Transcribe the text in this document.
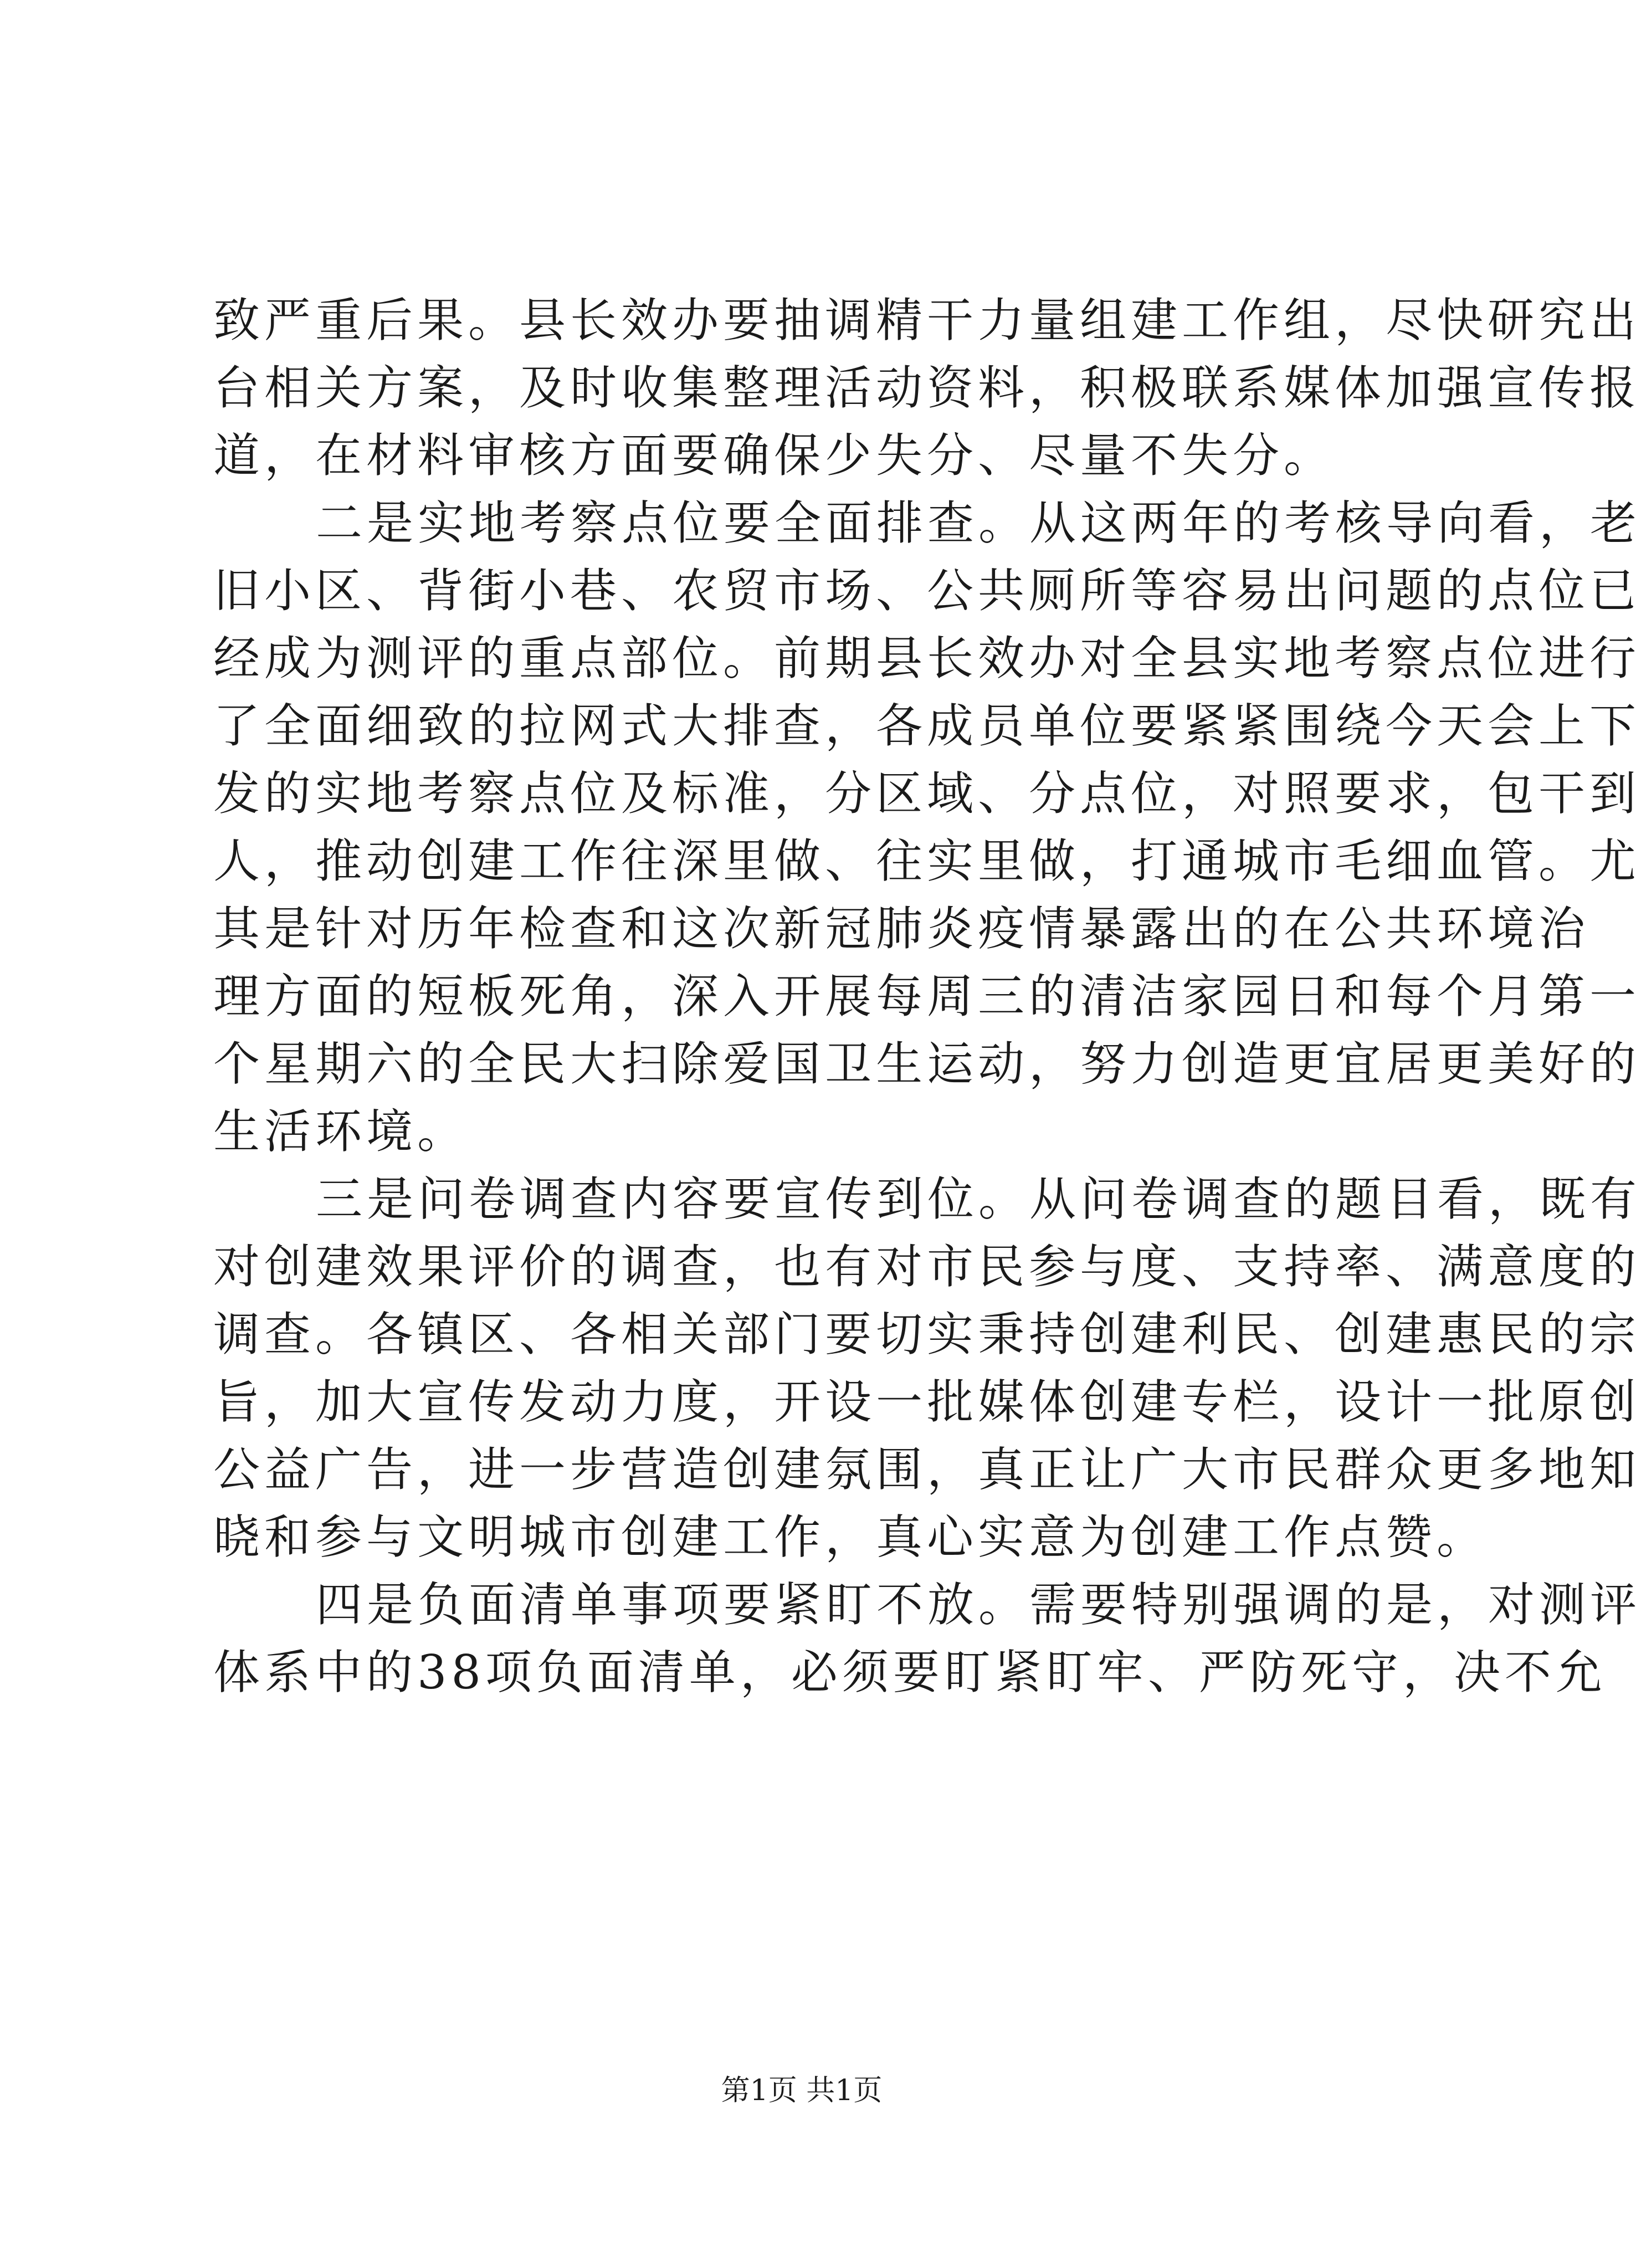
致严重后果。县长效办要抽调精干力量组建工作组，尽快研究出
台相关方案，及时收集整理活动资料，积极联系媒体加强宣传报
道，在材料审核方面要确保少失分、尽量不失分。
二是实地考察点位要全面排查。从这两年的考核导向看，老
旧小区、背街小巷、农贸市场、公共厕所等容易出问题的点位已
经成为测评的重点部位。前期县长效办对全县实地考察点位进行
了全面细致的拉网式大排查，各成员单位要紧紧围绕今天会上下
发的实地考察点位及标准，分区域、分点位，对照要求，包干到
人，推动创建工作往深里做、往实里做，打通城市毛细血管。尤
其是针对历年检查和这次新冠肺炎疫情暴露出的在公共环境治
理方面的短板死角，深入开展每周三的清洁家园日和每个月第一
个星期六的全民大扫除爱国卫生运动，努力创造更宜居更美好的
生活环境。
三是问卷调查内容要宣传到位。从问卷调查的题目看，既有
对创建效果评价的调查，也有对市民参与度、支持率、满意度的
调查。各镇区、各相关部门要切实秉持创建利民、创建惠民的宗
旨，加大宣传发动力度，开设一批媒体创建专栏，设计一批原创
公益广告，进一步营造创建氛围，真正让广大市民群众更多地知
晓和参与文明城市创建工作，真心实意为创建工作点赞。
四是负面清单事项要紧盯不放。需要特别强调的是，对测评
体系中的38项负面清单，必须要盯紧盯牢、严防死守，决不允
第1页 共1页
